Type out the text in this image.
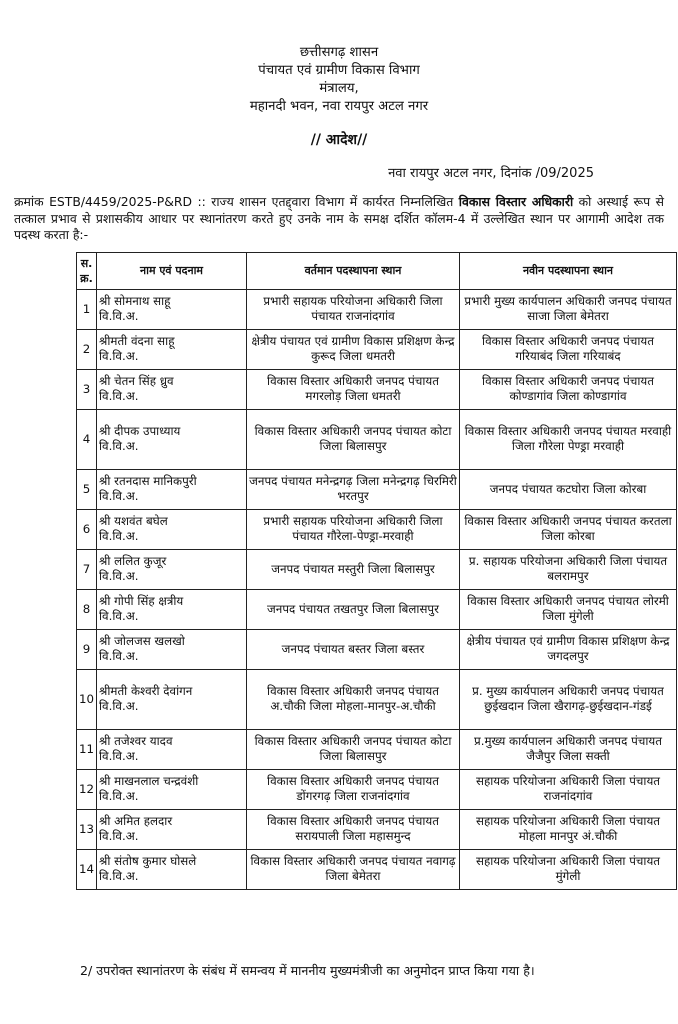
छत्तीसगढ़ शासन
पंचायत एवं ग्रामीण विकास विभाग
मंत्रालय,
महानदी भवन, नवा रायपुर अटल नगर
// आदेश//
नवा रायपुर अटल नगर, दिनांक /09/2025
क्रमांक ESTB/4459/2025-P&RD :: राज्य शासन एतद्द्वारा विभाग में कार्यरत निम्नलिखित विकास विस्तार अधिकारी को अस्थाई रूप से तत्काल प्रभाव से प्रशासकीय आधार पर स्थानांतरण करते हुए उनके नाम के समक्ष दर्शित कॉलम-4 में उल्लेखित स्थान पर आगामी आदेश तक पदस्थ करता है:-
स. क्र.	नाम एवं पदनाम	वर्तमान पदस्थापना स्थान	नवीन पदस्थापना स्थान
1	श्री सोमनाथ साहू
वि.वि.अ.	प्रभारी सहायक परियोजना अधिकारी जिला पंचायत राजनांदगांव	प्रभारी मुख्य कार्यपालन अधिकारी जनपद पंचायत साजा जिला बेमेतरा
2	श्रीमती वंदना साहू
वि.वि.अ.	क्षेत्रीय पंचायत एवं ग्रामीण विकास प्रशिक्षण केन्द्र कुरूद जिला धमतरी	विकास विस्तार अधिकारी जनपद पंचायत गरियाबंद जिला गरियाबंद
3	श्री चेतन सिंह ध्रुव
वि.वि.अ.	विकास विस्तार अधिकारी जनपद पंचायत मगरलोड़ जिला धमतरी	विकास विस्तार अधिकारी जनपद पंचायत कोण्डागांव जिला कोण्डागांव
4	श्री दीपक उपाध्याय
वि.वि.अ.	विकास विस्तार अधिकारी जनपद पंचायत कोटा जिला बिलासपुर	विकास विस्तार अधिकारी जनपद पंचायत मरवाही जिला गौरेला पेण्ड्रा मरवाही
5	श्री रतनदास मानिकपुरी
वि.वि.अ.	जनपद पंचायत मनेन्द्रगढ़ जिला मनेन्द्रगढ़ चिरमिरी भरतपुर	जनपद पंचायत कटघोरा जिला कोरबा
6	श्री यशवंत बघेल
वि.वि.अ.	प्रभारी सहायक परियोजना अधिकारी जिला पंचायत गौरेला-पेण्ड्रा-मरवाही	विकास विस्तार अधिकारी जनपद पंचायत करतला जिला कोरबा
7	श्री ललित कुजूर
वि.वि.अ.	जनपद पंचायत मस्तुरी जिला बिलासपुर	प्र. सहायक परियोजना अधिकारी जिला पंचायत बलरामपुर
8	श्री गोपी सिंह क्षत्रीय
वि.वि.अ.	जनपद पंचायत तखतपुर जिला बिलासपुर	विकास विस्तार अधिकारी जनपद पंचायत लोरमी जिला मुंगेली
9	श्री जोलजस खलखो
वि.वि.अ.	जनपद पंचायत बस्तर जिला बस्तर	क्षेत्रीय पंचायत एवं ग्रामीण विकास प्रशिक्षण केन्द्र जगदलपुर
10	श्रीमती केश्वरी देवांगन
वि.वि.अ.	विकास विस्तार अधिकारी जनपद पंचायत अ.चौकी जिला मोहला-मानपुर-अ.चौकी	प्र. मुख्य कार्यपालन अधिकारी जनपद पंचायत छुईखदान जिला खैरागढ़-छुईखदान-गंडई
11	श्री तजेश्वर यादव
वि.वि.अ.	विकास विस्तार अधिकारी जनपद पंचायत कोटा जिला बिलासपुर	प्र.मुख्य कार्यपालन अधिकारी जनपद पंचायत जैजैपुर जिला सक्ती
12	श्री माखनलाल चन्द्रवंशी
वि.वि.अ.	विकास विस्तार अधिकारी जनपद पंचायत डोंगरगढ़ जिला राजनांदगांव	सहायक परियोजना अधिकारी जिला पंचायत राजनांदगांव
13	श्री अमित हलदार
वि.वि.अ.	विकास विस्तार अधिकारी जनपद पंचायत सरायपाली जिला महासमुन्द	सहायक परियोजना अधिकारी जिला पंचायत मोहला मानपुर अं.चौकी
14	श्री संतोष कुमार घोसले
वि.वि.अ.	विकास विस्तार अधिकारी जनपद पंचायत नवागढ़ जिला बेमेतरा	सहायक परियोजना अधिकारी जिला पंचायत मुंगेली
2/ उपरोक्त स्थानांतरण के संबंध में समन्वय में माननीय मुख्यमंत्रीजी का अनुमोदन प्राप्त किया गया है।
